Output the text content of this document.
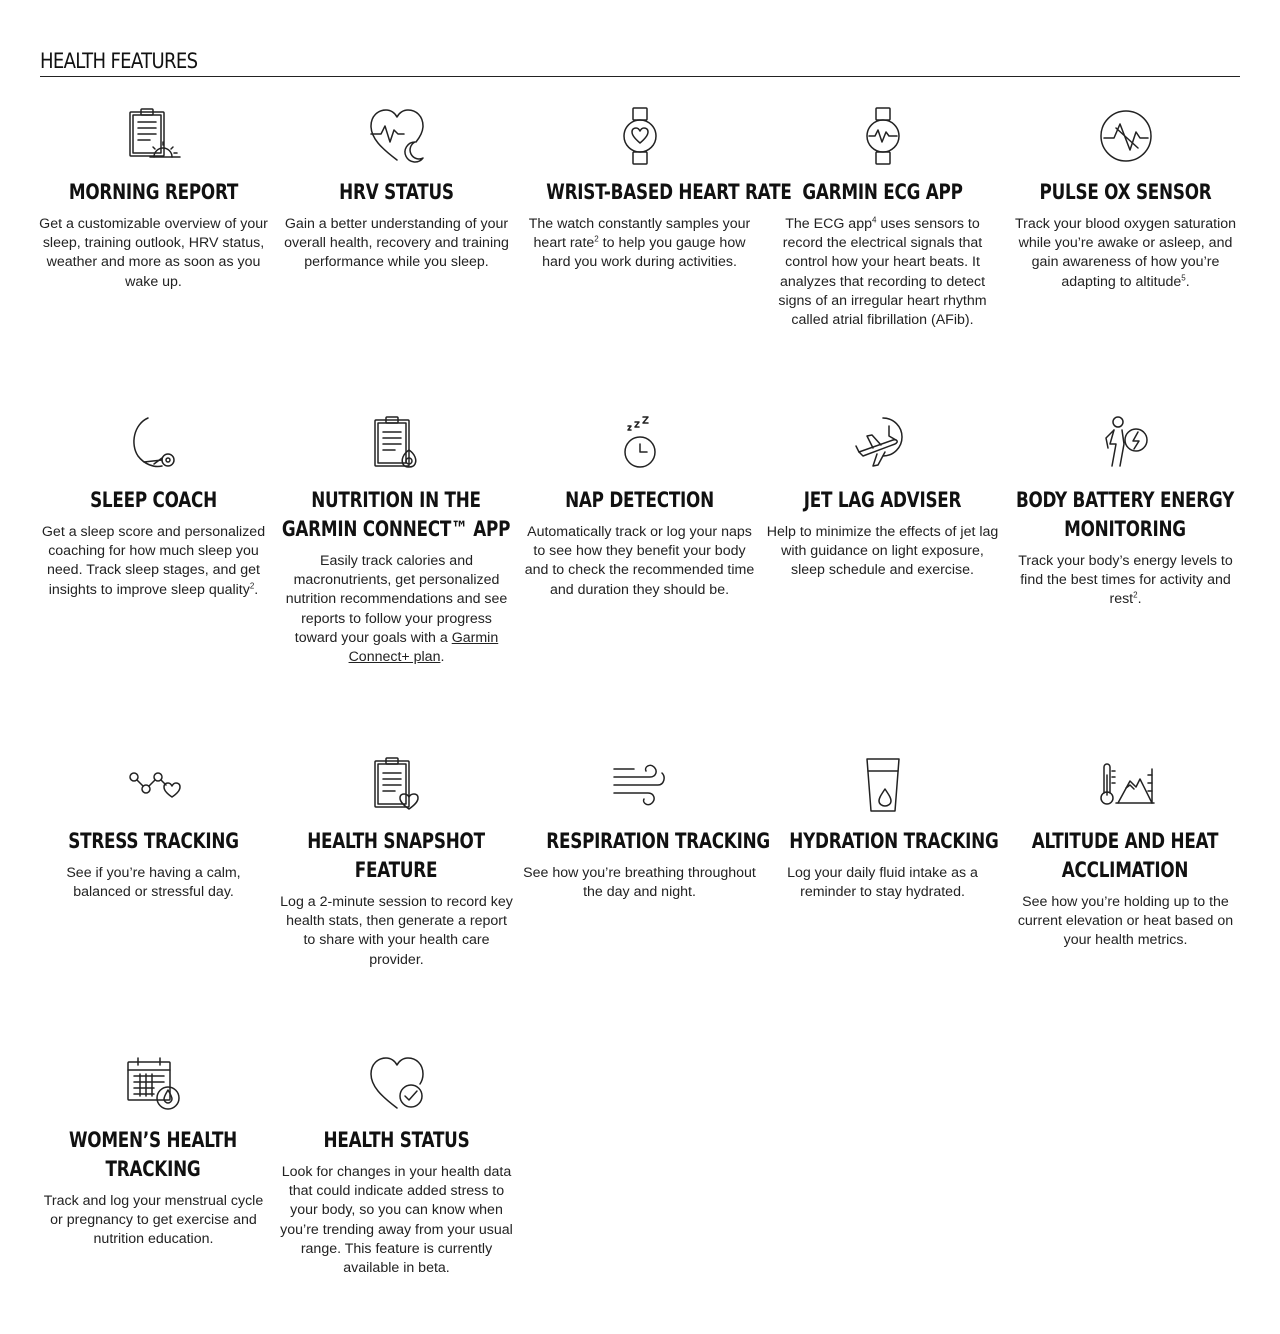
HEALTH FEATURES
MORNING REPORT
Get a customizable overview of your sleep, training outlook, HRV status, weather and more as soon as you wake up.
HRV STATUS
Gain a better understanding of your overall health, recovery and training performance while you sleep.
WRIST-BASED HEART RATE
The watch constantly samples your heart rate$^2$ to help you gauge how hard you work during activities.
GARMIN ECG APP
The ECG app$^4$ uses sensors to record the electrical signals that control how your heart beats. It analyzes that recording to detect signs of an irregular heart rhythm called atrial fibrillation (AFib).
PULSE OX SENSOR
Track your blood oxygen saturation while you’re awake or asleep, and gain awareness of how you’re adapting to altitude$^5$.
SLEEP COACH
Get a sleep score and personalized coaching for how much sleep you need. Track sleep stages, and get insights to improve sleep quality$^2$.
NUTRITION IN THE GARMIN CONNECT™ APP
Easily track calories and macronutrients, get personalized nutrition recommendations and see reports to follow your progress toward your goals with a Garmin Connect+ plan.
NAP DETECTION
Automatically track or log your naps to see how they benefit your body and to check the recommended time and duration they should be.
JET LAG ADVISER
Help to minimize the effects of jet lag with guidance on light exposure, sleep schedule and exercise.
BODY BATTERY ENERGY MONITORING
Track your body’s energy levels to find the best times for activity and rest$^2$.
STRESS TRACKING
See if you’re having a calm, balanced or stressful day.
HEALTH SNAPSHOT FEATURE
Log a 2-minute session to record key health stats, then generate a report to share with your health care provider.
RESPIRATION TRACKING
See how you’re breathing throughout the day and night.
HYDRATION TRACKING
Log your daily fluid intake as a reminder to stay hydrated.
ALTITUDE AND HEAT ACCLIMATION
See how you’re holding up to the current elevation or heat based on your health metrics.
WOMEN’S HEALTH TRACKING
Track and log your menstrual cycle or pregnancy to get exercise and nutrition education.
HEALTH STATUS
Look for changes in your health data that could indicate added stress to your body, so you can know when you’re trending away from your usual range. This feature is currently available in beta.
